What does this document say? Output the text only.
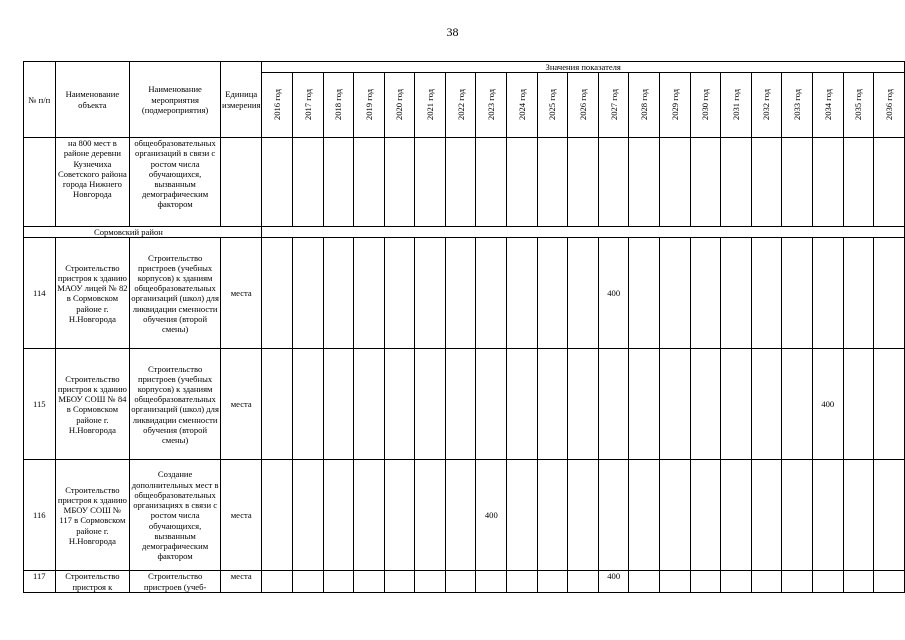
38
№ п/п	Наименование объекта	Наименование мероприятия (подмероприятия)	Единица измерения	Значения показателя																				
				2016 год	2017 год	2018 год	2019 год	2020 год	2021 год	2022 год	2023 год	2024 год	2025 год	2026 год	2027 год	2028 год	2029 год	2030 год	2031 год	2032 год	2033 год	2034 год	2035 год	2036 год
	на 800 мест в районе деревни Кузнечиха Советского района города Нижнего Новгорода	общеобразовательных организаций в связи с ростом числа обучающихся, вызванным демографическим фактором																						
Сормовский район																								
114	Строительство пристроя к зданию МАОУ лицей № 82 в Сормовском районе г. Н.Новгорода	Строительство пристроев (учебных корпусов) к зданиям общеобразовательных организаций (школ) для ликвидации сменности обучения (второй смены)	места												400									
115	Строительство пристроя к зданию МБОУ СОШ № 84 в Сормовском районе г. Н.Новгорода	Строительство пристроев (учебных корпусов) к зданиям общеобразовательных организаций (школ) для ликвидации сменности обучения (второй смены)	места																			400		
116	Строительство пристроя к зданию МБОУ СОШ № 117 в Сормовском районе г. Н.Новгорода	Создание дополнительных мест в общеобразовательных организациях в связи с ростом числа обучающихся, вызванным демографическим фактором	места								400													
117	Строительство пристроя к	Строительство пристроев (учеб-	места												400									
